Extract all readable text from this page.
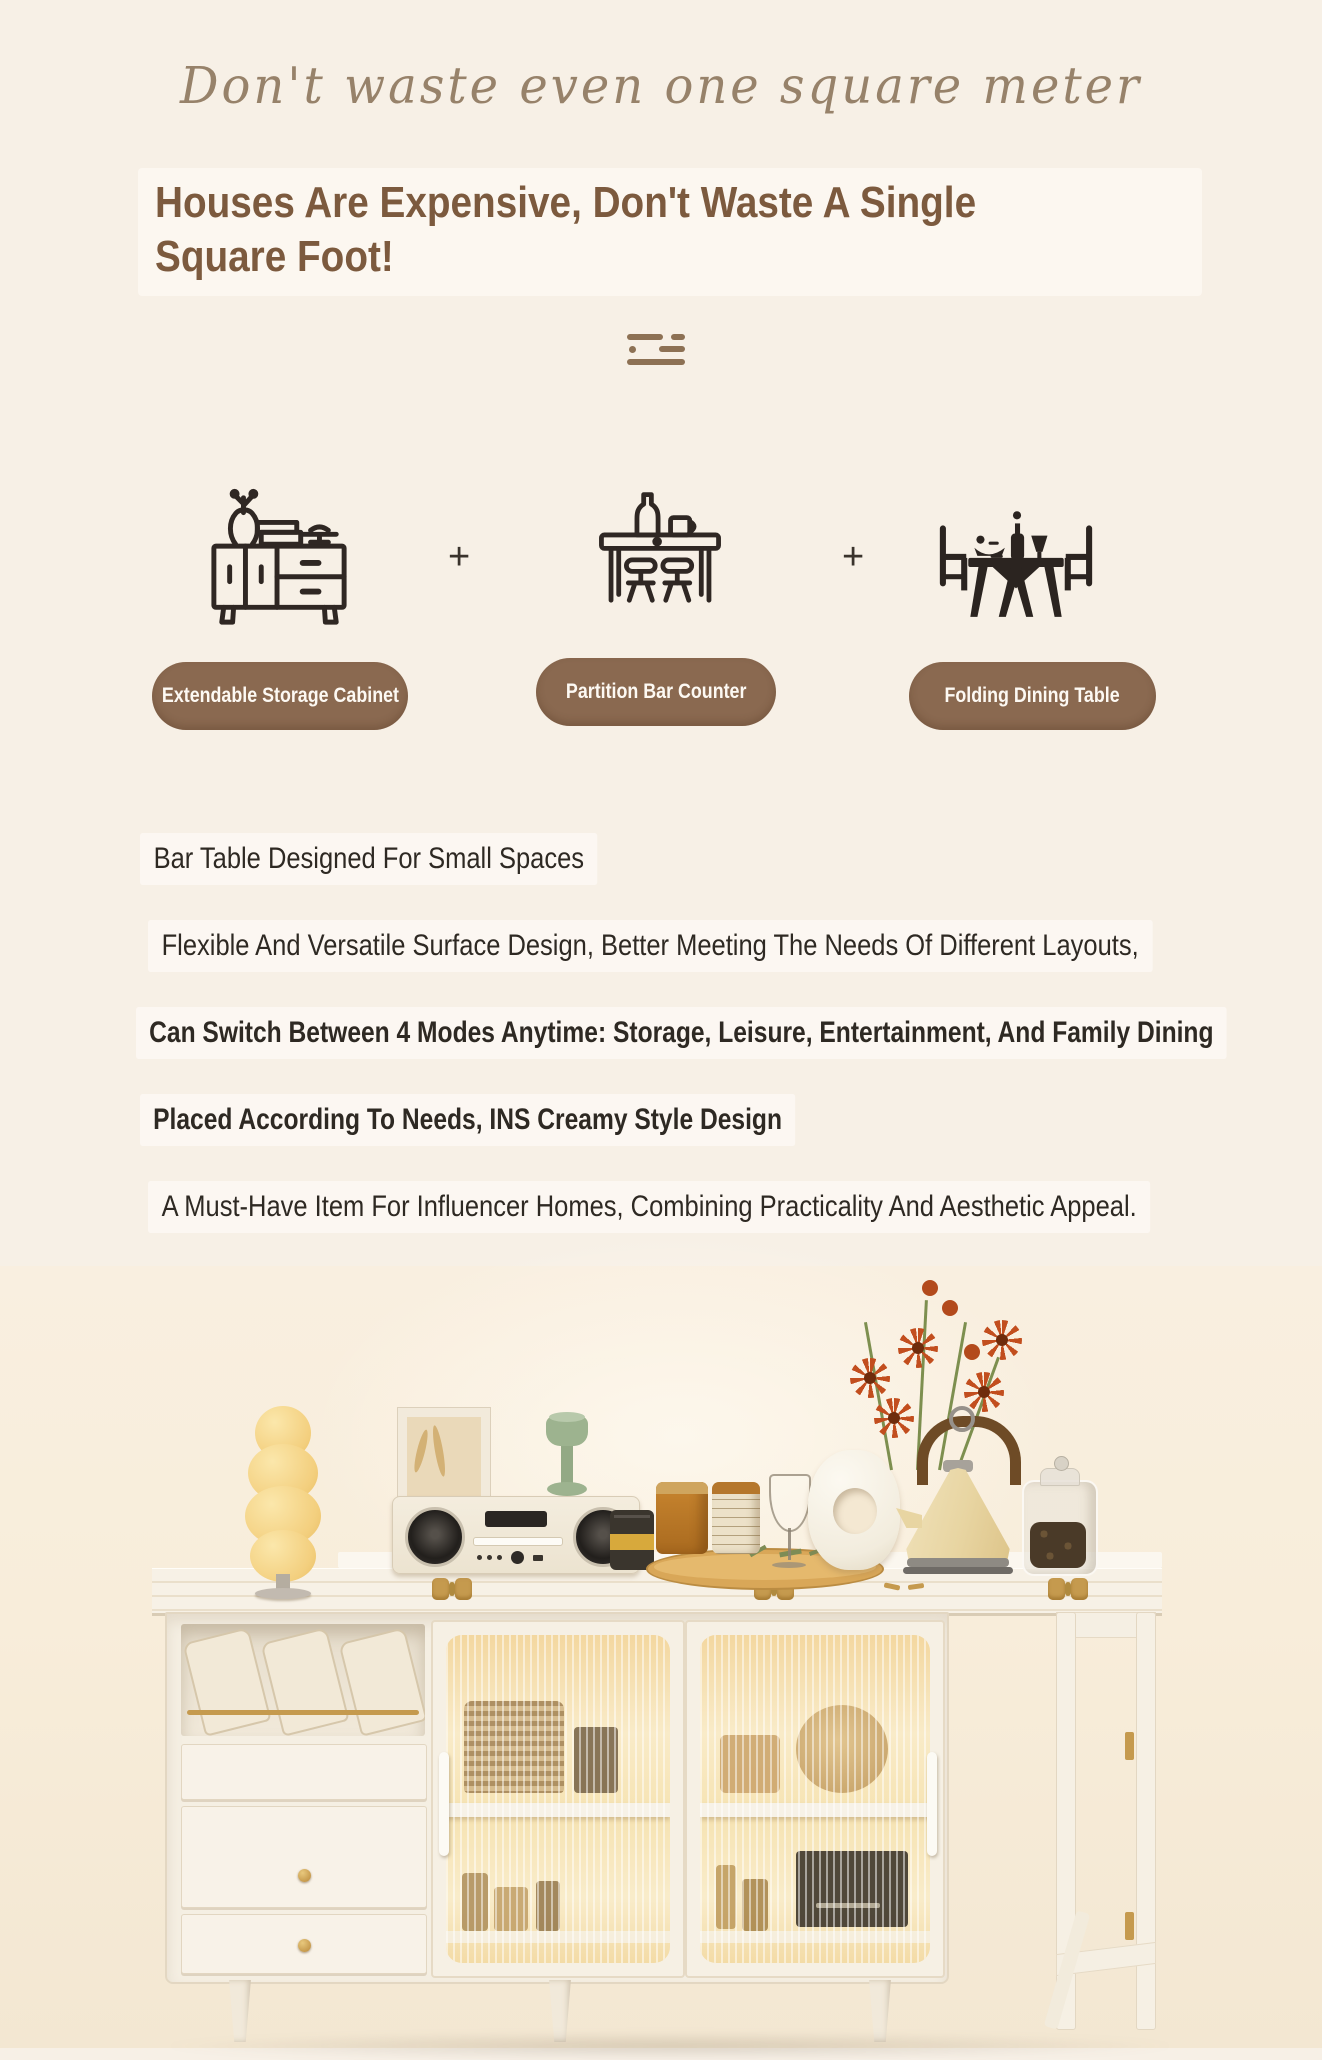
Don't waste even one square meter
Houses Are Expensive, Don't Waste A Single
Square Foot!
+	+
Extendable Storage Cabinet	Partition Bar Counter	Folding Dining Table
Bar Table Designed For Small Spaces
Flexible And Versatile Surface Design, Better Meeting The Needs Of Different Layouts,
Can Switch Between 4 Modes Anytime: Storage, Leisure, Entertainment, And Family Dining
Placed According To Needs, INS Creamy Style Design
A Must-Have Item For Influencer Homes, Combining Practicality And Aesthetic Appeal.
